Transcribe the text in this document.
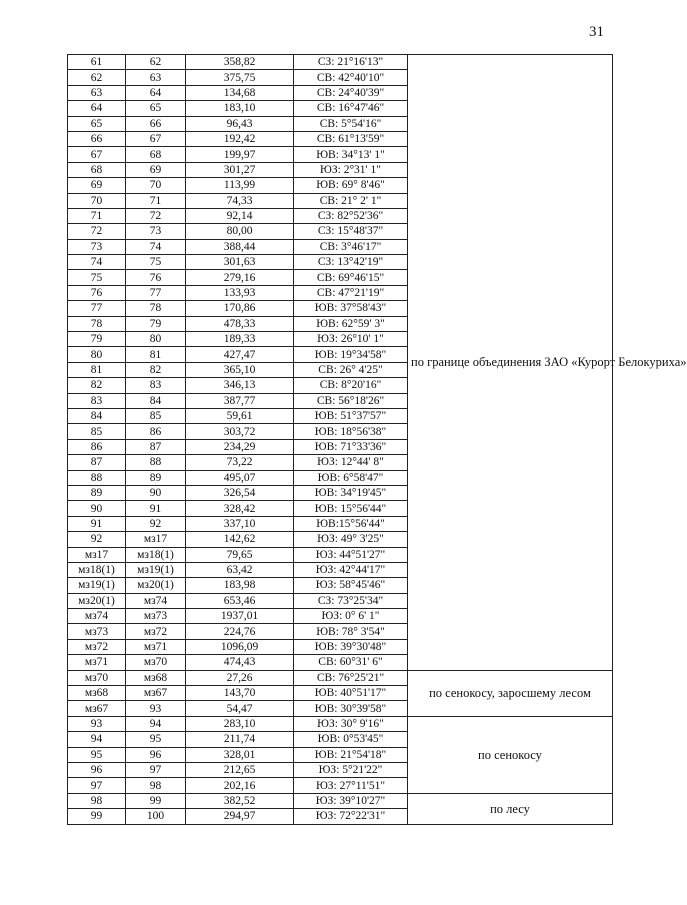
31
61	62	358,82	СЗ: 21°16'13"	по границе объединения ЗАО «Курорт Белокуриха»
62	63	375,75	СВ: 42°40'10"	
63	64	134,68	СВ: 24°40'39"	
64	65	183,10	СВ: 16°47'46"	
65	66	96,43	СВ: 5°54'16"	
66	67	192,42	СВ: 61°13'59"	
67	68	199,97	ЮВ: 34°13' 1"	
68	69	301,27	ЮЗ: 2°31' 1"	
69	70	113,99	ЮВ: 69° 8'46"	
70	71	74,33	СВ: 21° 2' 1"	
71	72	92,14	СЗ: 82°52'36"	
72	73	80,00	СЗ: 15°48'37"	
73	74	388,44	СВ: 3°46'17"	
74	75	301,63	СЗ: 13°42'19"	
75	76	279,16	СВ: 69°46'15"	
76	77	133,93	СВ: 47°21'19"	
77	78	170,86	ЮВ: 37°58'43"	
78	79	478,33	ЮВ: 62°59' 3"	
79	80	189,33	ЮЗ: 26°10' 1"	
80	81	427,47	ЮВ: 19°34'58"	
81	82	365,10	СВ: 26° 4'25"	
82	83	346,13	СВ: 8°20'16"	
83	84	387,77	СВ: 56°18'26"	
84	85	59,61	ЮВ: 51°37'57"	
85	86	303,72	ЮВ: 18°56'38"	
86	87	234,29	ЮВ: 71°33'36"	
87	88	73,22	ЮЗ: 12°44' 8"	
88	89	495,07	ЮВ: 6°58'47"	
89	90	326,54	ЮВ: 34°19'45"	
90	91	328,42	ЮВ: 15°56'44"	
91	92	337,10	ЮВ:15°56'44"	
92	мз17	142,62	ЮЗ: 49° 3'25"	
мз17	мз18(1)	79,65	ЮЗ: 44°51'27"	
мз18(1)	мз19(1)	63,42	ЮЗ: 42°44'17"	
мз19(1)	мз20(1)	183,98	ЮЗ: 58°45'46"	
мз20(1)	мз74	653,46	СЗ: 73°25'34"	
мз74	мз73	1937,01	ЮЗ: 0° 6' 1"	
мз73	мз72	224,76	ЮВ: 78° 3'54"	
мз72	мз71	1096,09	ЮВ: 39°30'48"	
мз71	мз70	474,43	СВ: 60°31' 6"	
мз70	мз68	27,26	СВ: 76°25'21"	по сенокосу, заросшему лесом
мз68	мз67	143,70	ЮВ: 40°51'17"	
мз67	93	54,47	ЮВ: 30°39'58"	
93	94	283,10	ЮЗ: 30° 9'16"	по сенокосу
94	95	211,74	ЮВ: 0°53'45"	
95	96	328,01	ЮВ: 21°54'18"	
96	97	212,65	ЮЗ: 5°21'22"	
97	98	202,16	ЮЗ: 27°11'51"	
98	99	382,52	ЮЗ: 39°10'27"	по лесу
99	100	294,97	ЮЗ: 72°22'31"	
